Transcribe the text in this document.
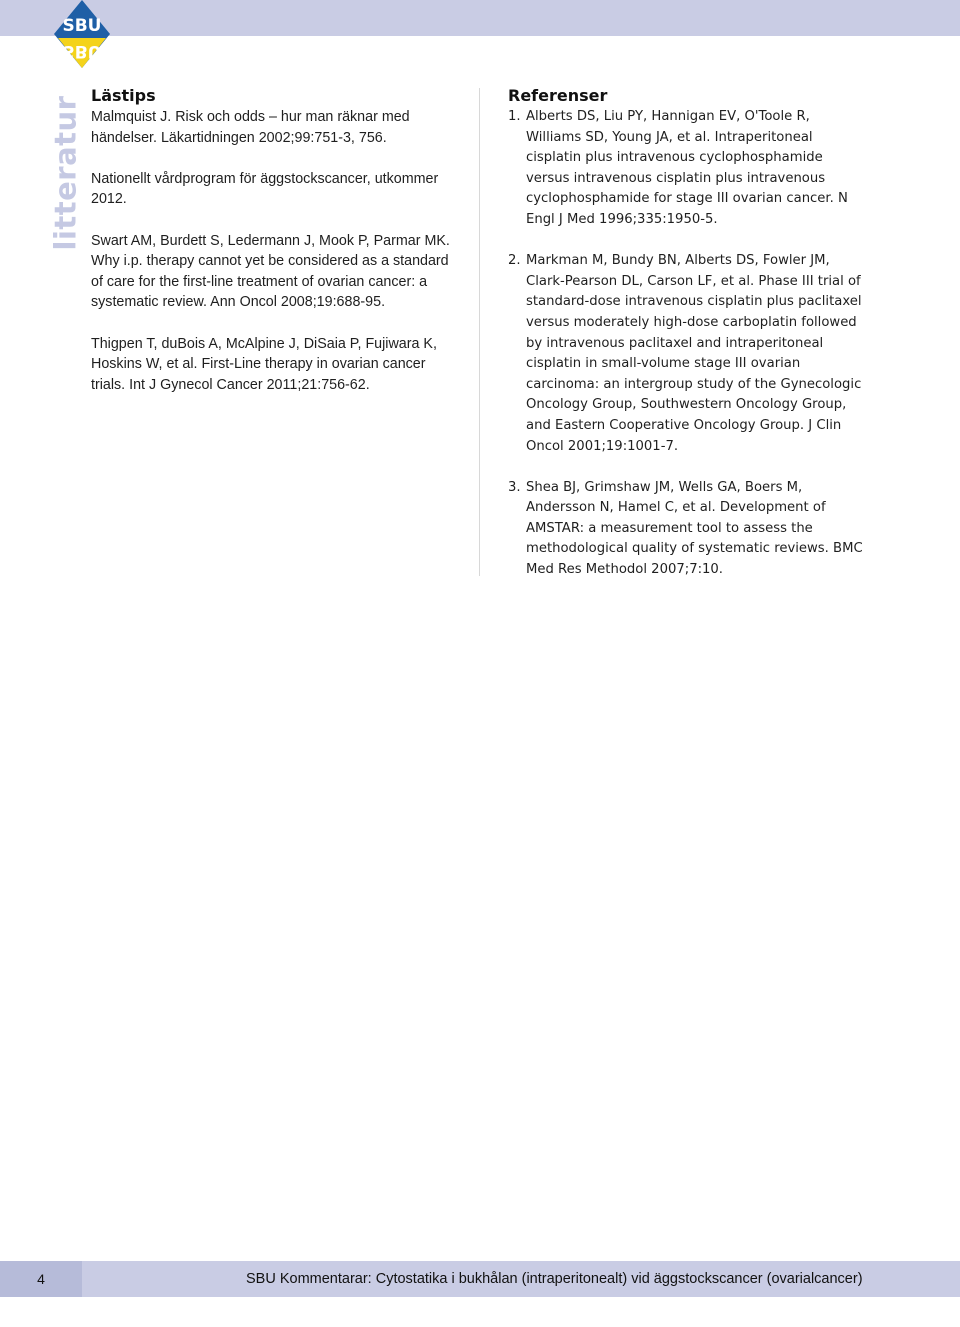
SBU
SBU
litteratur
Lästips
Malmquist J. Risk och odds – hur man räknar med händelser. Läkartidningen 2002;99:751-3, 756.
Nationellt vårdprogram för äggstockscancer, utkommer 2012.
Swart AM, Burdett S, Ledermann J, Mook P, Parmar MK. Why i.p. therapy cannot yet be considered as a standard of care for the first-line treatment of ovarian cancer: a systematic review. Ann Oncol 2008;19:688-95.
Thigpen T, duBois A, McAlpine J, DiSaia P, Fujiwara K, Hoskins W, et al. First-Line therapy in ovarian cancer trials. Int J Gynecol Cancer 2011;21:756-62.
Referenser
1. Alberts DS, Liu PY, Hannigan EV, O'Toole R, Williams SD, Young JA, et al. Intraperitoneal cisplatin plus intravenous cyclophosphamide versus intravenous cisplatin plus intravenous cyclophosphamide for stage III ovarian cancer. N Engl J Med 1996;335:1950-5.
2. Markman M, Bundy BN, Alberts DS, Fowler JM, Clark-Pearson DL, Carson LF, et al. Phase III trial of standard-dose intravenous cisplatin plus paclitaxel versus moderately high-dose carboplatin followed by intravenous paclitaxel and intraperitoneal cisplatin in small-volume stage III ovarian carcinoma: an intergroup study of the Gynecologic Oncology Group, Southwestern Oncology Group, and Eastern Cooperative Oncology Group. J Clin Oncol 2001;19:1001-7.
3. Shea BJ, Grimshaw JM, Wells GA, Boers M, Andersson N, Hamel C, et al. Development of AMSTAR: a measurement tool to assess the methodological quality of systematic reviews. BMC Med Res Methodol 2007;7:10.
4	SBU Kommentarar: Cytostatika i bukhålan (intraperitonealt) vid äggstockscancer (ovarialcancer)
